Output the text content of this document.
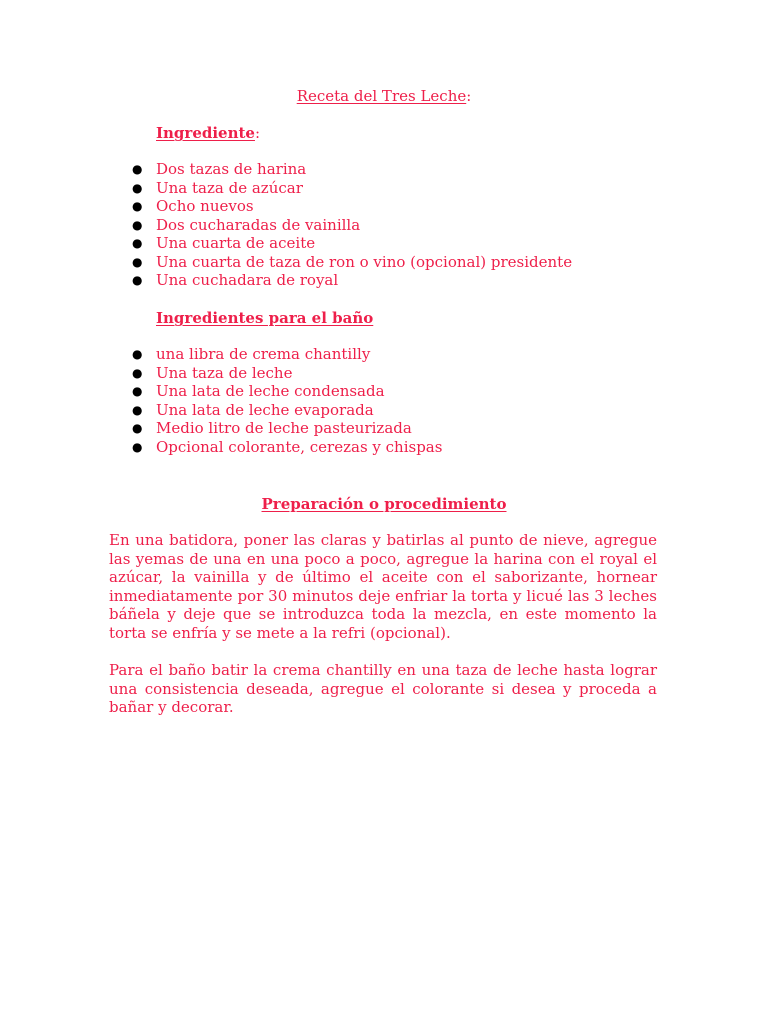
Receta del Tres Leche:
Ingrediente:
● Dos tazas de harina
● Una taza de azúcar
● Ocho nuevos
● Dos cucharadas de vainilla
● Una cuarta de aceite
● Una cuarta de taza de ron o vino (opcional) presidente
● Una cuchadara de royal
Ingredientes para el baño
● una libra de crema chantilly
● Una taza de leche
● Una lata de leche condensada
● Una lata de leche evaporada
● Medio litro de leche pasteurizada
● Opcional colorante, cerezas y chispas
Preparación o procedimiento

En una batidora, poner las claras y batirlas al punto de nieve, agregue las yemas de una en una poco a poco, agregue la harina con el royal el azúcar, la vainilla y de último el aceite con el saborizante, hornear inmediatamente por 30 minutos deje enfriar la torta y licué las 3 leches báñela y deje que se introduzca toda la mezcla, en este momento la torta se enfría y se mete a la refri (opcional).

Para el baño batir la crema chantilly en una taza de leche hasta lograr una consistencia deseada, agregue el colorante si desea y proceda a bañar y decorar.
